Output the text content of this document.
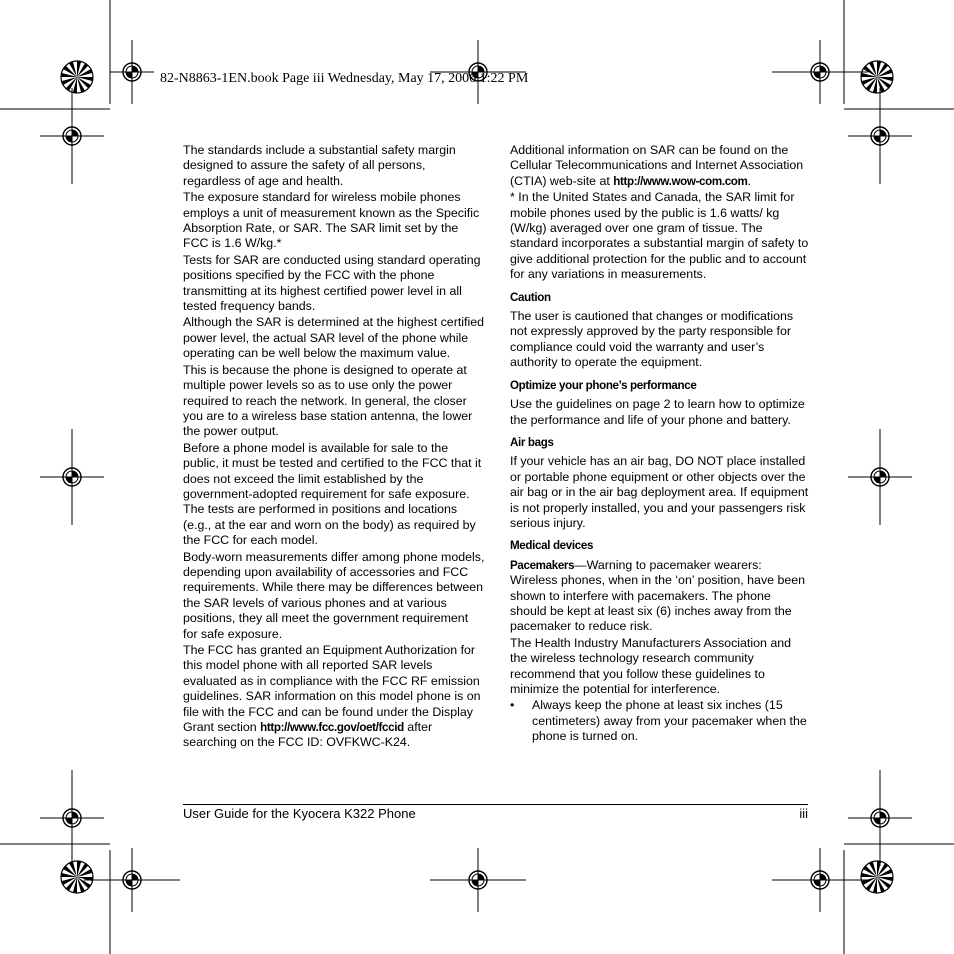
82-N8863-1EN.book Page iii Wednesday, May 17, 2006 1:22 PM

The standards include a substantial safety margin designed to assure the safety of all persons, regardless of age and health.

The exposure standard for wireless mobile phones employs a unit of measurement known as the Specific Absorption Rate, or SAR. The SAR limit set by the FCC is 1.6 W/kg.*

Tests for SAR are conducted using standard operating positions specified by the FCC with the phone transmitting at its highest certified power level in all tested frequency bands.

Although the SAR is determined at the highest certified power level, the actual SAR level of the phone while operating can be well below the maximum value.

This is because the phone is designed to operate at multiple power levels so as to use only the power required to reach the network. In general, the closer you are to a wireless base station antenna, the lower the power output.

Before a phone model is available for sale to the public, it must be tested and certified to the FCC that it does not exceed the limit established by the government-adopted requirement for safe exposure. The tests are performed in positions and locations (e.g., at the ear and worn on the body) as required by the FCC for each model.

Body-worn measurements differ among phone models, depending upon availability of accessories and FCC requirements. While there may be differences between the SAR levels of various phones and at various positions, they all meet the government requirement for safe exposure.

The FCC has granted an Equipment Authorization for this model phone with all reported SAR levels evaluated as in compliance with the FCC RF emission guidelines. SAR information on this model phone is on file with the FCC and can be found under the Display Grant section http://www.fcc.gov/oet/fccid after searching on the FCC ID: OVFKWC-K24.

Additional information on SAR can be found on the Cellular Telecommunications and Internet Association (CTIA) web-site at http://www.wow-com.com.

* In the United States and Canada, the SAR limit for mobile phones used by the public is 1.6 watts/ kg (W/kg) averaged over one gram of tissue. The standard incorporates a substantial margin of safety to give additional protection for the public and to account for any variations in measurements.

Caution

The user is cautioned that changes or modifications not expressly approved by the party responsible for compliance could void the warranty and user’s authority to operate the equipment.

Optimize your phone’s performance

Use the guidelines on page 2 to learn how to optimize the performance and life of your phone and battery.

Air bags

If your vehicle has an air bag, DO NOT place installed or portable phone equipment or other objects over the air bag or in the air bag deployment area. If equipment is not properly installed, you and your passengers risk serious injury.

Medical devices

Pacemakers—Warning to pacemaker wearers: Wireless phones, when in the ‘on’ position, have been shown to interfere with pacemakers. The phone should be kept at least six (6) inches away from the pacemaker to reduce risk.

The Health Industry Manufacturers Association and the wireless technology research community recommend that you follow these guidelines to minimize the potential for interference.

• Always keep the phone at least six inches (15 centimeters) away from your pacemaker when the phone is turned on.

User Guide for the Kyocera K322 Phone	iii
